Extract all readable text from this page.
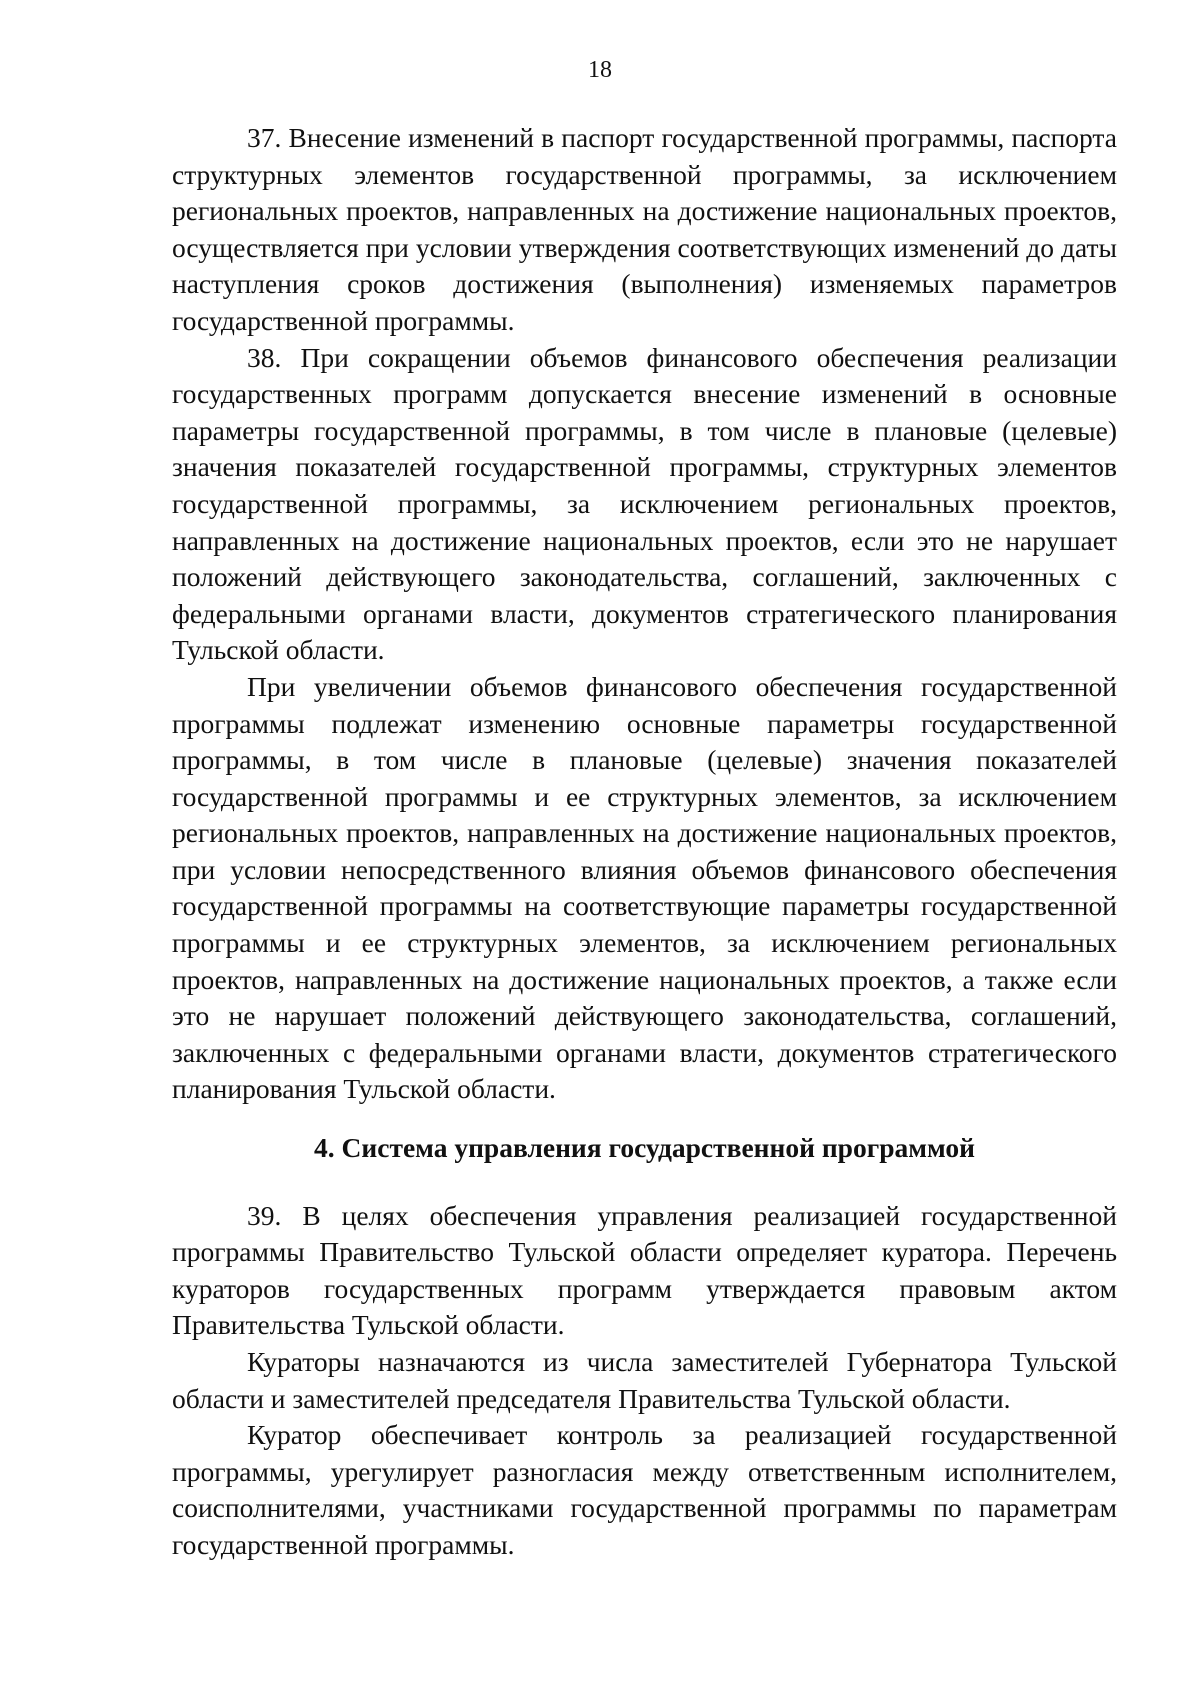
18

37. Внесение изменений в паспорт государственной программы, паспорта структурных элементов государственной программы, за исключением региональных проектов, направленных на достижение национальных проектов, осуществляется при условии утверждения соответствующих изменений до даты наступления сроков достижения (выполнения) изменяемых параметров государственной программы.

38. При сокращении объемов финансового обеспечения реализации государственных программ допускается внесение изменений в основные параметры государственной программы, в том числе в плановые (целевые) значения показателей государственной программы, структурных элементов государственной программы, за исключением региональных проектов, направленных на достижение национальных проектов, если это не нарушает положений действующего законодательства, соглашений, заключенных с федеральными органами власти, документов стратегического планирования Тульской области.

При увеличении объемов финансового обеспечения государственной программы подлежат изменению основные параметры государственной программы, в том числе в плановые (целевые) значения показателей государственной программы и ее структурных элементов, за исключением региональных проектов, направленных на достижение национальных проектов, при условии непосредственного влияния объемов финансового обеспечения государственной программы на соответствующие параметры государственной программы и ее структурных элементов, за исключением региональных проектов, направленных на достижение национальных проектов, а также если это не нарушает положений действующего законодательства, соглашений, заключенных с федеральными органами власти, документов стратегического планирования Тульской области.

4. Система управления государственной программой

39. В целях обеспечения управления реализацией государственной программы Правительство Тульской области определяет куратора. Перечень кураторов государственных программ утверждается правовым актом Правительства Тульской области.

Кураторы назначаются из числа заместителей Губернатора Тульской области и заместителей председателя Правительства Тульской области.

Куратор обеспечивает контроль за реализацией государственной программы, урегулирует разногласия между ответственным исполнителем, соисполнителями, участниками государственной программы по параметрам государственной программы.
